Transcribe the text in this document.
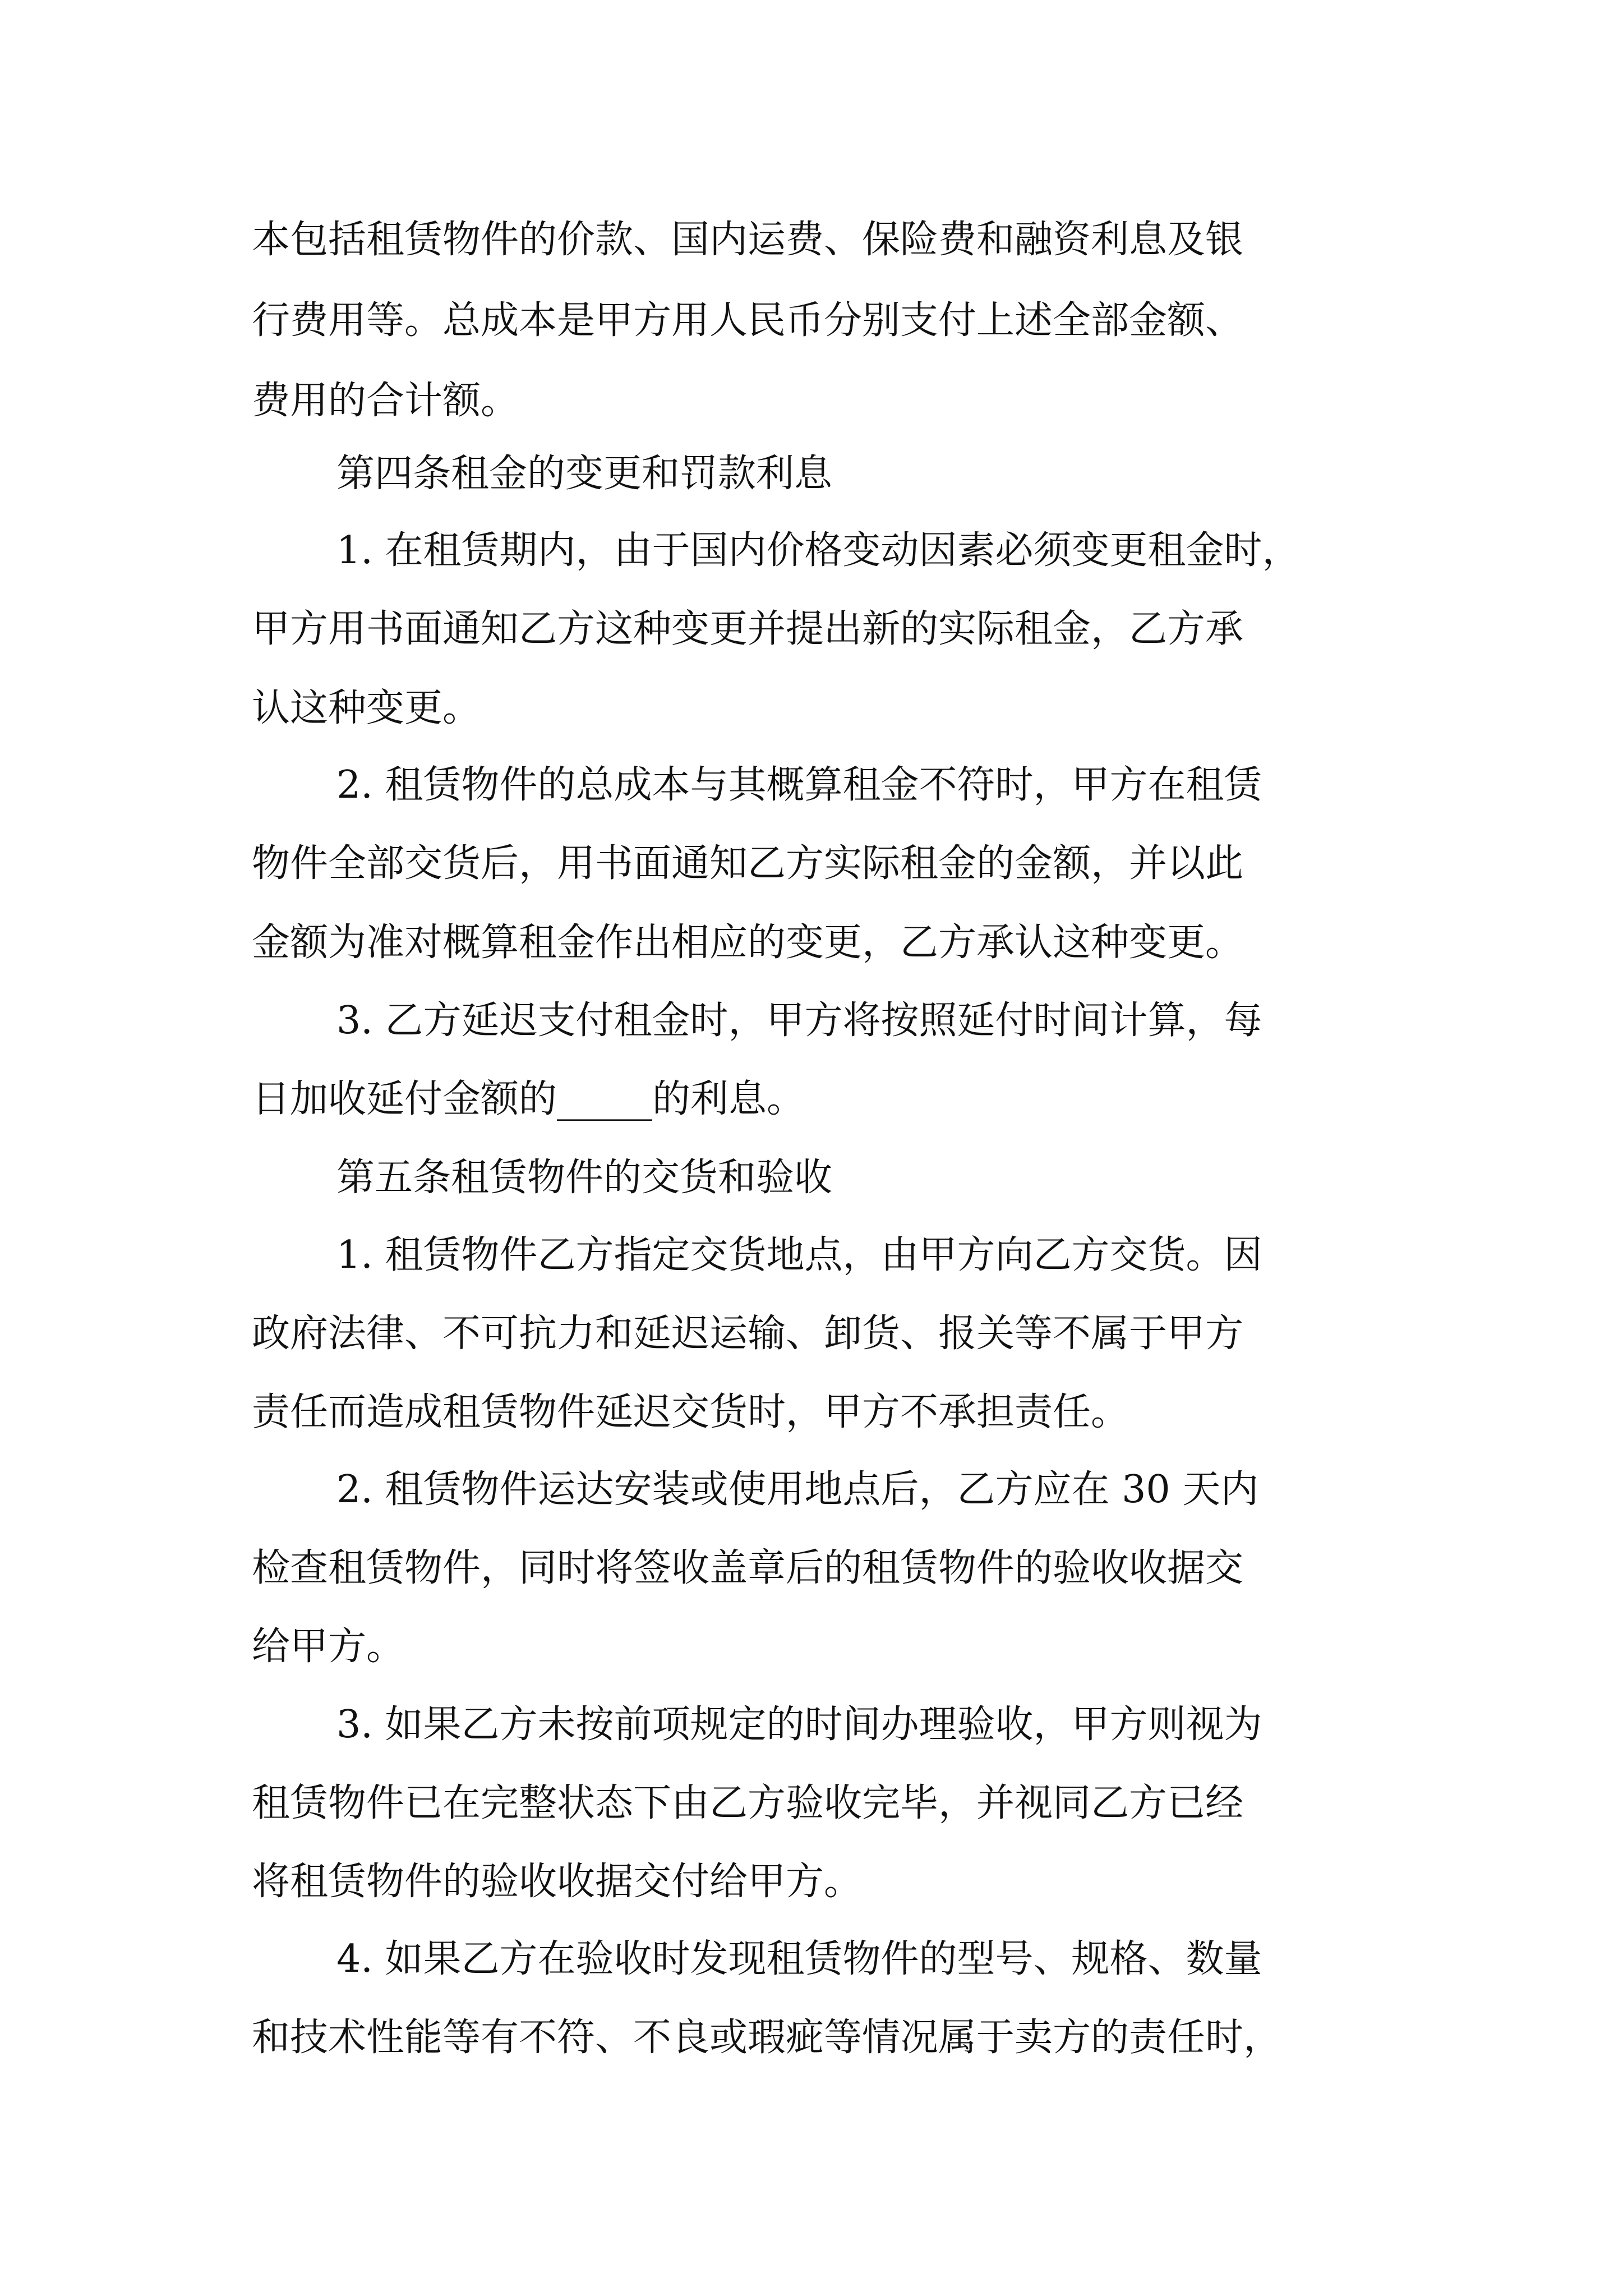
本包括租赁物件的价款、国内运费、保险费和融资利息及银

行费用等。总成本是甲方用人民币分别支付上述全部金额、

费用的合计额。

第四条租金的变更和罚款利息

1. 在租赁期内，由于国内价格变动因素必须变更租金时，

甲方用书面通知乙方这种变更并提出新的实际租金，乙方承

认这种变更。

2. 租赁物件的总成本与其概算租金不符时，甲方在租赁

物件全部交货后，用书面通知乙方实际租金的金额，并以此

金额为准对概算租金作出相应的变更，乙方承认这种变更。

3. 乙方延迟支付租金时，甲方将按照延付时间计算，每

日加收延付金额的_____的利息。

第五条租赁物件的交货和验收

1. 租赁物件乙方指定交货地点，由甲方向乙方交货。因

政府法律、不可抗力和延迟运输、卸货、报关等不属于甲方

责任而造成租赁物件延迟交货时，甲方不承担责任。

2. 租赁物件运达安装或使用地点后，乙方应在 30 天内

检查租赁物件，同时将签收盖章后的租赁物件的验收收据交

给甲方。

3. 如果乙方未按前项规定的时间办理验收，甲方则视为

租赁物件已在完整状态下由乙方验收完毕，并视同乙方已经

将租赁物件的验收收据交付给甲方。

4. 如果乙方在验收时发现租赁物件的型号、规格、数量

和技术性能等有不符、不良或瑕疵等情况属于卖方的责任时，
